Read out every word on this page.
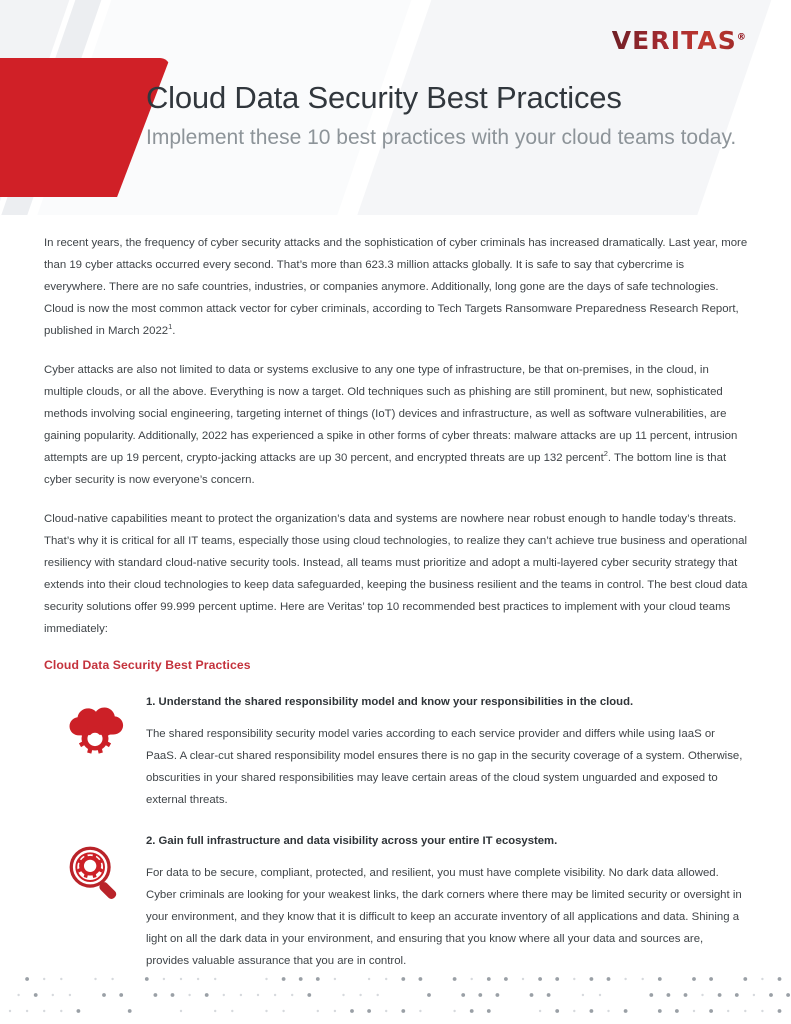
VERITAS®
Cloud Data Security Best Practices
Implement these 10 best practices with your cloud teams today.

In recent years, the frequency of cyber security attacks and the sophistication of cyber criminals has increased dramatically. Last year, more than 19 cyber attacks occurred every second. That’s more than 623.3 million attacks globally. It is safe to say that cybercrime is everywhere. There are no safe countries, industries, or companies anymore. Additionally, long gone are the days of safe technologies. Cloud is now the most common attack vector for cyber criminals, according to Tech Targets Ransomware Preparedness Research Report, published in March 2022$^1$.

Cyber attacks are also not limited to data or systems exclusive to any one type of infrastructure, be that on-premises, in the cloud, in multiple clouds, or all the above. Everything is now a target. Old techniques such as phishing are still prominent, but new, sophisticated methods involving social engineering, targeting internet of things (IoT) devices and infrastructure, as well as software vulnerabilities, are gaining popularity. Additionally, 2022 has experienced a spike in other forms of cyber threats: malware attacks are up 11 percent, intrusion attempts are up 19 percent, crypto-jacking attacks are up 30 percent, and encrypted threats are up 132 percent$^2$. The bottom line is that cyber security is now everyone’s concern.

Cloud-native capabilities meant to protect the organization’s data and systems are nowhere near robust enough to handle today’s threats. That’s why it is critical for all IT teams, especially those using cloud technologies, to realize they can’t achieve true business and operational resiliency with standard cloud-native security tools. Instead, all teams must prioritize and adopt a multi-layered cyber security strategy that extends into their cloud technologies to keep data safeguarded, keeping the business resilient and the teams in control. The best cloud data security solutions offer 99.999 percent uptime. Here are Veritas’ top 10 recommended best practices to implement with your cloud teams immediately:

Cloud Data Security Best Practices
1. Understand the shared responsibility model and know your responsibilities in the cloud.

The shared responsibility security model varies according to each service provider and differs while using IaaS or PaaS. A clear-cut shared responsibility model ensures there is no gap in the security coverage of a system. Otherwise, obscurities in your shared responsibilities may leave certain areas of the cloud system unguarded and exposed to external threats.

2. Gain full infrastructure and data visibility across your entire IT ecosystem.

For data to be secure, compliant, protected, and resilient, you must have complete visibility. No dark data allowed. Cyber criminals are looking for your weakest links, the dark corners where there may be limited security or oversight in your environment, and they know that it is difficult to keep an accurate inventory of all applications and data. Shining a light on all the dark data in your environment, and ensuring that you know where all your data and sources are, provides valuable assurance that you are in control.
